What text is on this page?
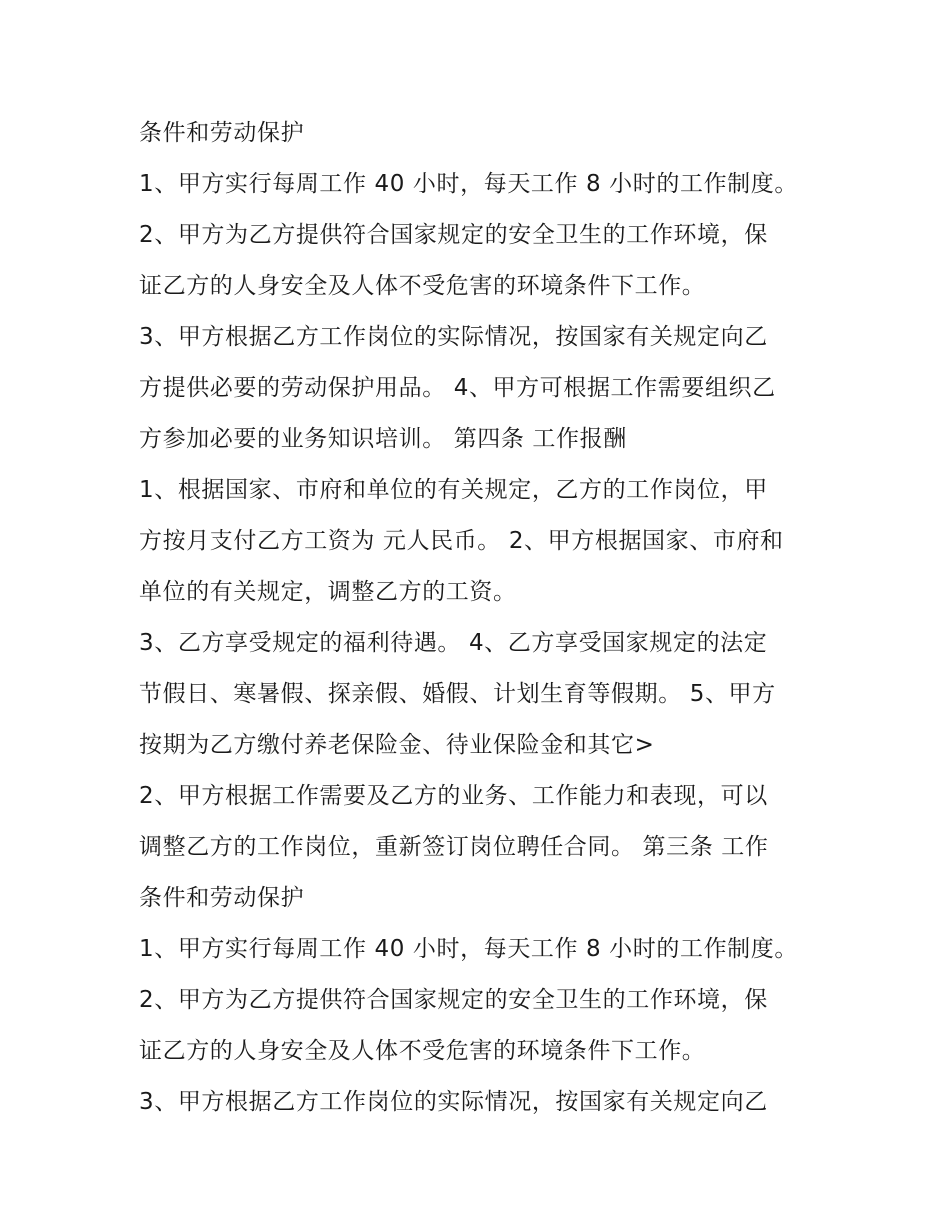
条件和劳动保护
1、甲方实行每周工作 40 小时，每天工作 8 小时的工作制度。
2、甲方为乙方提供符合国家规定的安全卫生的工作环境，保
证乙方的人身安全及人体不受危害的环境条件下工作。
3、甲方根据乙方工作岗位的实际情况，按国家有关规定向乙
方提供必要的劳动保护用品。 4、甲方可根据工作需要组织乙
方参加必要的业务知识培训。 第四条 工作报酬
1、根据国家、市府和单位的有关规定，乙方的工作岗位，甲
方按月支付乙方工资为 元人民币。 2、甲方根据国家、市府和
单位的有关规定，调整乙方的工资。
3、乙方享受规定的福利待遇。 4、乙方享受国家规定的法定
节假日、寒暑假、探亲假、婚假、计划生育等假期。 5、甲方
按期为乙方缴付养老保险金、待业保险金和其它>
2、甲方根据工作需要及乙方的业务、工作能力和表现，可以
调整乙方的工作岗位，重新签订岗位聘任合同。 第三条 工作
条件和劳动保护
1、甲方实行每周工作 40 小时，每天工作 8 小时的工作制度。
2、甲方为乙方提供符合国家规定的安全卫生的工作环境，保
证乙方的人身安全及人体不受危害的环境条件下工作。
3、甲方根据乙方工作岗位的实际情况，按国家有关规定向乙
